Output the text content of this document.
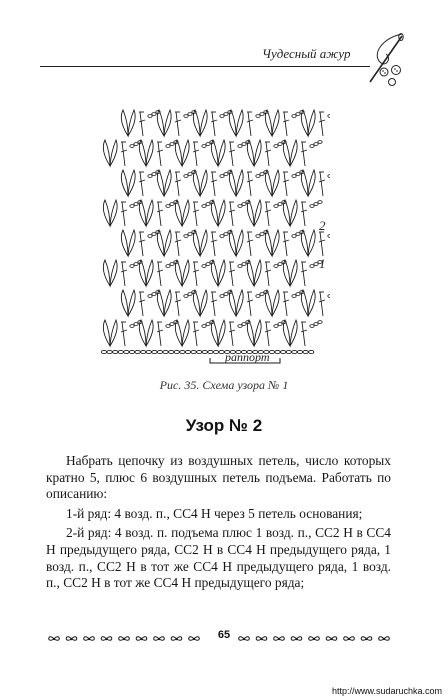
Чудесный ажур
2
1
раппорт
Рис. 35. Схема узора № 1
Узор № 2

Набрать цепочку из воздушных петель, число которых кратно 5, плюс 6 воздушных петель подъема. Работать по описанию:

1-й ряд: 4 возд. п., СС4 Н через 5 петель основания;

2-й ряд: 4 возд. п. подъема плюс 1 возд. п., СС2 Н в СС4 Н предыдущего ряда, СС2 Н в СС4 Н предыдущего ряда, 1 возд. п., СС2 Н в тот же СС4 Н предыдущего ряда, 1 возд. п., СС2 Н в тот же СС4 Н предыдущего ряда;

65
http://www.sudaruchka.com
